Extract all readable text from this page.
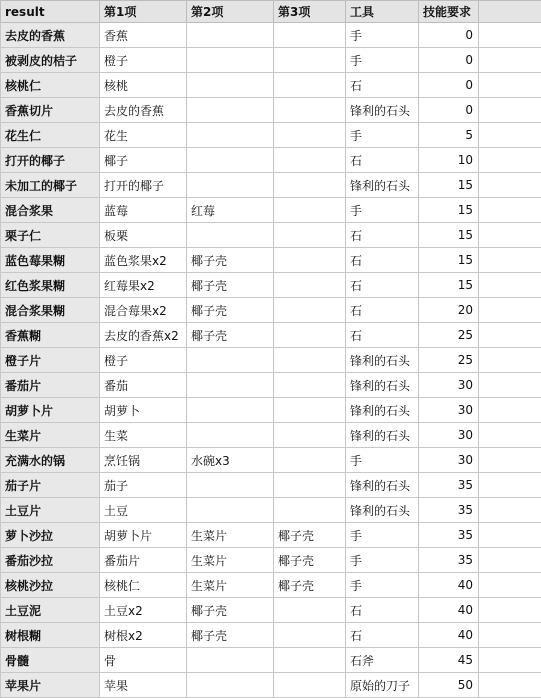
result	第1项	第2项	第3项	工具	技能要求	
去皮的香蕉	香蕉			手	0	
被剥皮的桔子	橙子			手	0	
核桃仁	核桃			石	0	
香蕉切片	去皮的香蕉			锋利的石头	0	
花生仁	花生			手	5	
打开的椰子	椰子			石	10	
未加工的椰子	打开的椰子			锋利的石头	15	
混合浆果	蓝莓	红莓		手	15	
栗子仁	板栗			石	15	
蓝色莓果糊	蓝色浆果x2	椰子壳		石	15	
红色浆果糊	红莓果x2	椰子壳		石	15	
混合浆果糊	混合莓果x2	椰子壳		石	20	
香蕉糊	去皮的香蕉x2	椰子壳		石	25	
橙子片	橙子			锋利的石头	25	
番茄片	番茄			锋利的石头	30	
胡萝卜片	胡萝卜			锋利的石头	30	
生菜片	生菜			锋利的石头	30	
充满水的锅	烹饪锅	水碗x3		手	30	
茄子片	茄子			锋利的石头	35	
土豆片	土豆			锋利的石头	35	
萝卜沙拉	胡萝卜片	生菜片	椰子壳	手	35	
番茄沙拉	番茄片	生菜片	椰子壳	手	35	
核桃沙拉	核桃仁	生菜片	椰子壳	手	40	
土豆泥	土豆x2	椰子壳		石	40	
树根糊	树根x2	椰子壳		石	40	
骨髓	骨			石斧	45	
苹果片	苹果			原始的刀子	50	
